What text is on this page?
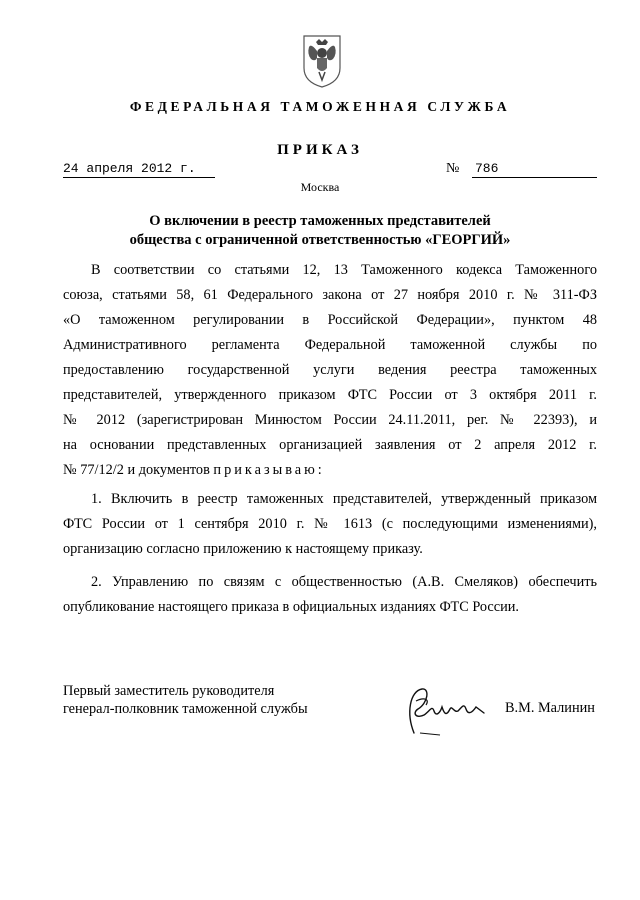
ФЕДЕРАЛЬНАЯ ТАМОЖЕННАЯ СЛУЖБА
ПРИКАЗ
24 апреля 2012 г.	№ 786
Москва
О включении в реестр таможенных представителей
общества с ограниченной ответственностью «ГЕОРГИЙ»
В соответствии со статьями 12, 13 Таможенного кодекса Таможенного
союза, статьями 58, 61 Федерального закона от 27 ноября 2010 г. № 311-ФЗ
«О таможенном регулировании в Российской Федерации», пунктом 48
Административного регламента Федеральной таможенной службы по
предоставлению государственной услуги ведения реестра таможенных
представителей, утвержденного приказом ФТС России от 3 октября 2011 г.
№ 2012 (зарегистрирован Минюстом России 24.11.2011, рег. № 22393), и
на основании представленных организацией заявления от 2 апреля 2012 г.
№ 77/12/2 и документов приказываю:
1. Включить в реестр таможенных представителей, утвержденный приказом
ФТС России от 1 сентября 2010 г. № 1613 (с последующими изменениями),
организацию согласно приложению к настоящему приказу.
2. Управлению по связям с общественностью (А.В. Смеляков) обеспечить
опубликование настоящего приказа в официальных изданиях ФТС России.
Первый заместитель руководителя
генерал-полковник таможенной службы	В.М. Малинин
